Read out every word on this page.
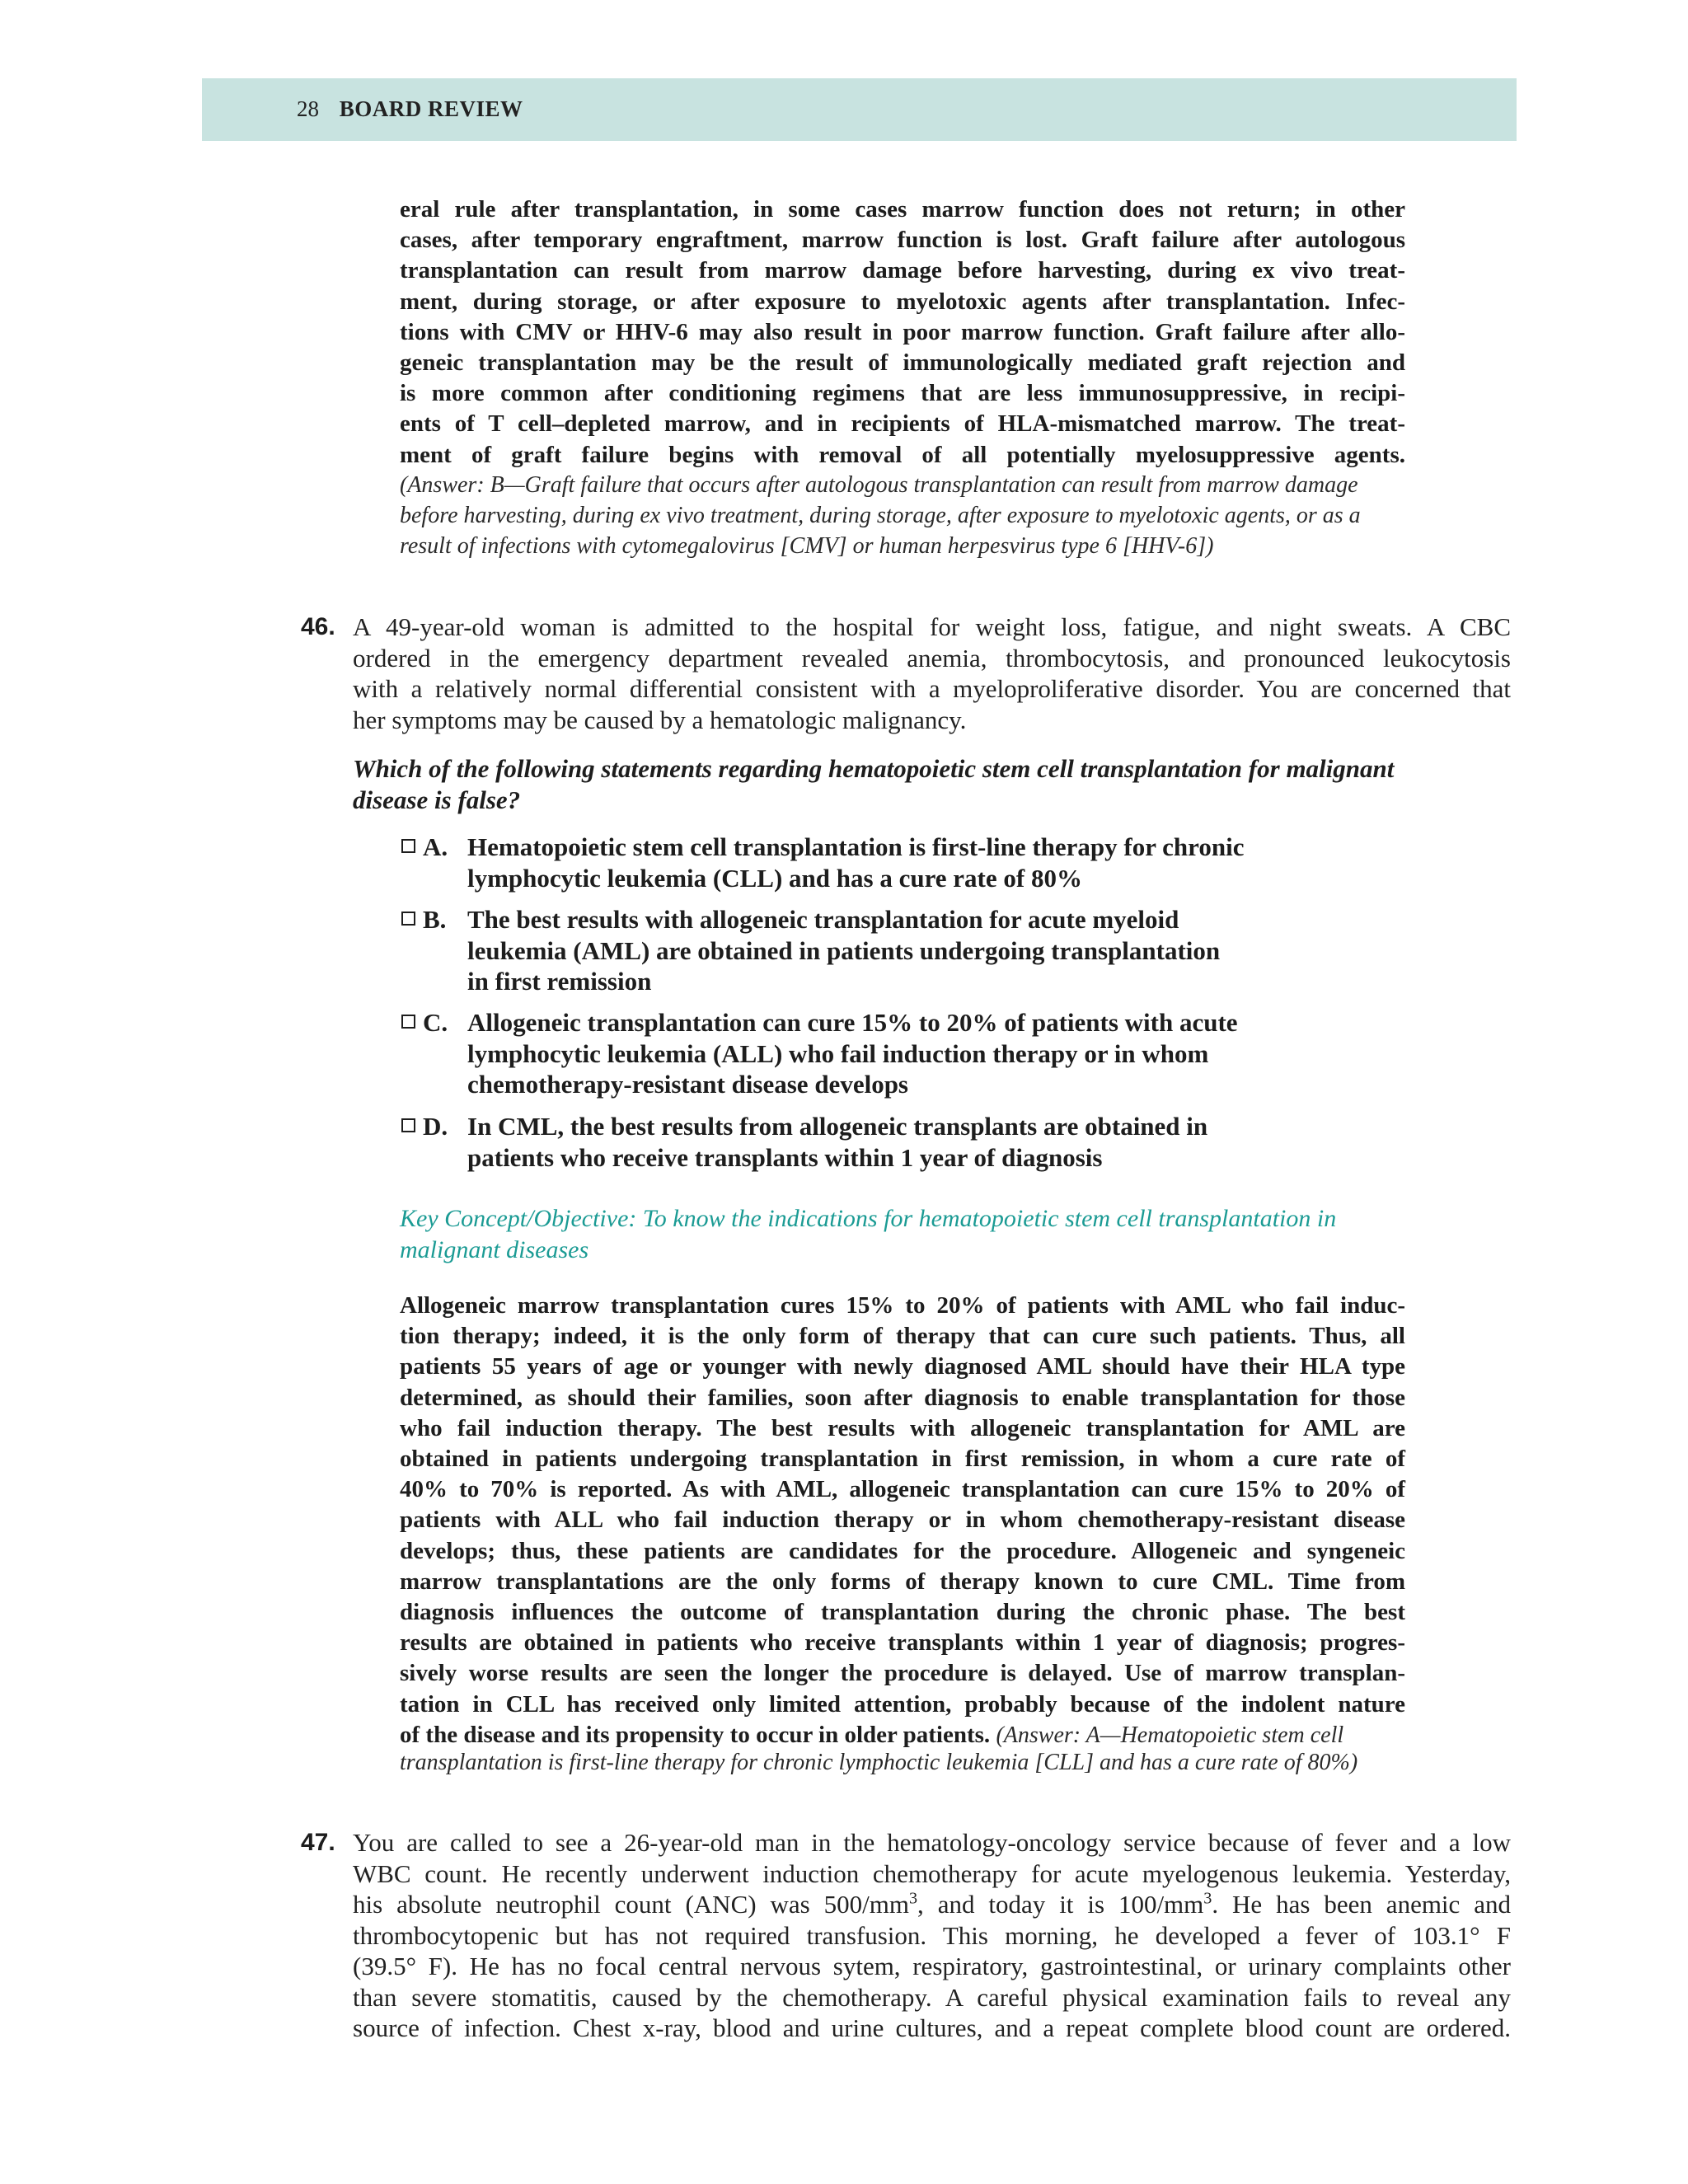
28 BOARD REVIEW
eral rule after transplantation, in some cases marrow function does not return; in other
cases, after temporary engraftment, marrow function is lost. Graft failure after autologous
transplantation can result from marrow damage before harvesting, during ex vivo treat-
ment, during storage, or after exposure to myelotoxic agents after transplantation. Infec-
tions with CMV or HHV-6 may also result in poor marrow function. Graft failure after allo-
geneic transplantation may be the result of immunologically mediated graft rejection and
is more common after conditioning regimens that are less immunosuppressive, in recipi-
ents of T cell–depleted marrow, and in recipients of HLA-mismatched marrow. The treat-
ment of graft failure begins with removal of all potentially myelosuppressive agents.
(Answer: B—Graft failure that occurs after autologous transplantation can result from marrow damage
before harvesting, during ex vivo treatment, during storage, after exposure to myelotoxic agents, or as a
result of infections with cytomegalovirus [CMV] or human herpesvirus type 6 [HHV-6])
46. A 49-year-old woman is admitted to the hospital for weight loss, fatigue, and night sweats. A CBC
ordered in the emergency department revealed anemia, thrombocytosis, and pronounced leukocytosis
with a relatively normal differential consistent with a myeloproliferative disorder. You are concerned that
her symptoms may be caused by a hematologic malignancy.
Which of the following statements regarding hematopoietic stem cell transplantation for malignant
disease is false?
A. Hematopoietic stem cell transplantation is first-line therapy for chronic
lymphocytic leukemia (CLL) and has a cure rate of 80%
B. The best results with allogeneic transplantation for acute myeloid
leukemia (AML) are obtained in patients undergoing transplantation
in first remission
C. Allogeneic transplantation can cure 15% to 20% of patients with acute
lymphocytic leukemia (ALL) who fail induction therapy or in whom
chemotherapy-resistant disease develops
D. In CML, the best results from allogeneic transplants are obtained in
patients who receive transplants within 1 year of diagnosis
Key Concept/Objective: To know the indications for hematopoietic stem cell transplantation in
malignant diseases
Allogeneic marrow transplantation cures 15% to 20% of patients with AML who fail induc-
tion therapy; indeed, it is the only form of therapy that can cure such patients. Thus, all
patients 55 years of age or younger with newly diagnosed AML should have their HLA type
determined, as should their families, soon after diagnosis to enable transplantation for those
who fail induction therapy. The best results with allogeneic transplantation for AML are
obtained in patients undergoing transplantation in first remission, in whom a cure rate of
40% to 70% is reported. As with AML, allogeneic transplantation can cure 15% to 20% of
patients with ALL who fail induction therapy or in whom chemotherapy-resistant disease
develops; thus, these patients are candidates for the procedure. Allogeneic and syngeneic
marrow transplantations are the only forms of therapy known to cure CML. Time from
diagnosis influences the outcome of transplantation during the chronic phase. The best
results are obtained in patients who receive transplants within 1 year of diagnosis; progres-
sively worse results are seen the longer the procedure is delayed. Use of marrow transplan-
tation in CLL has received only limited attention, probably because of the indolent nature
of the disease and its propensity to occur in older patients. (Answer: A—Hematopoietic stem cell
transplantation is first-line therapy for chronic lymphoctic leukemia [CLL] and has a cure rate of 80%)
47. You are called to see a 26-year-old man in the hematology-oncology service because of fever and a low
WBC count. He recently underwent induction chemotherapy for acute myelogenous leukemia. Yesterday,
his absolute neutrophil count (ANC) was $500/mm^3$, and today it is $100/mm^3$. He has been anemic and
thrombocytopenic but has not required transfusion. This morning, he developed a fever of 103.1° F
(39.5° F). He has no focal central nervous sytem, respiratory, gastrointestinal, or urinary complaints other
than severe stomatitis, caused by the chemotherapy. A careful physical examination fails to reveal any
source of infection. Chest x-ray, blood and urine cultures, and a repeat complete blood count are ordered.
